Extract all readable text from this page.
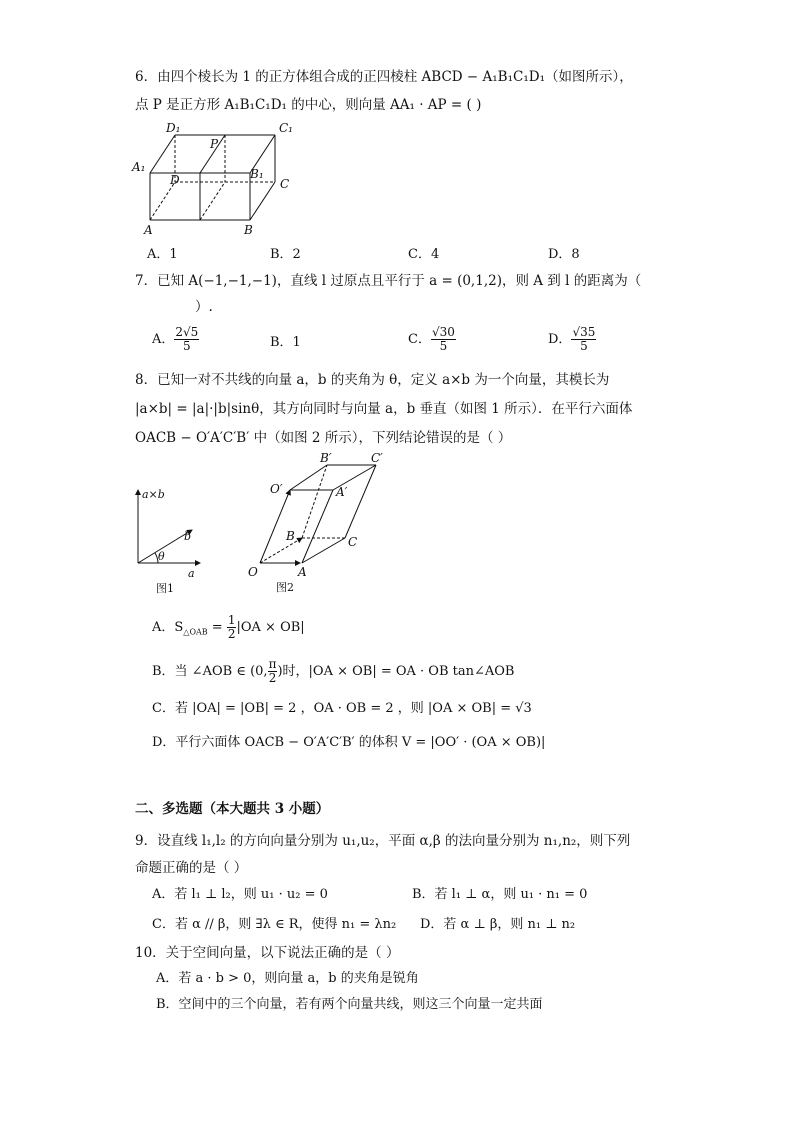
6．由四个棱长为 1 的正方体组合成的正四棱柱 ABCD − A₁B₁C₁D₁（如图所示），
点 P 是正方形 A₁B₁C₁D₁ 的中心，则向量 AA₁ · AP = ( )
D₁	C₁
P
A₁
D	B₁
C
A	B
A．1	B．2	C．4	D．8
7．已知 A(−1,−1,−1)，直线 l 过原点且平行于 a = (0,1,2)，则 A 到 l 的距离为（
）.
A． $\frac{2√5}{5}$	B．1	C． $\frac{√30}{5}$	D． $\frac{√35}{5}$
8．已知一对不共线的向量 a，b 的夹角为 θ，定义 a×b 为一个向量，其模长为
|a×b| = |a|·|b|sinθ，其方向同时与向量 a，b 垂直（如图 1 所示）．在平行六面体
OACB − O′A′C′B′ 中（如图 2 所示），下列结论错误的是（ ）
a×b
b
θ
a
图1
B′	C′
O′	A′
B	C
O	A
图2
A．$S_{\triangle OAB} = \frac{1}{2} |OA \times OB|$
B．当 ∠AOB ∈ (0, $\frac{\pi}{2}$ )时，|OA × OB| = OA · OB tan∠AOB
C．若 |OA| = |OB| = 2 ，OA · OB = 2 ，则 |OA × OB| = √3
D．平行六面体 OACB − O′A′C′B′ 的体积 V = |OO′ · (OA × OB)|
二、多选题（本大题共 3 小题）
9．设直线 l₁,l₂ 的方向向量分别为 u₁,u₂，平面 α,β 的法向量分别为 n₁,n₂，则下列
命题正确的是（ ）
A．若 l₁ ⊥ l₂，则 u₁ · u₂ = 0	B．若 l₁ ⊥ α，则 u₁ · n₁ = 0
C．若 α // β，则 ∃λ ∈ R，使得 n₁ = λn₂ D．若 α ⊥ β，则 n₁ ⊥ n₂
10．关于空间向量，以下说法正确的是（ ）
A．若 a · b > 0，则向量 a，b 的夹角是锐角
B．空间中的三个向量，若有两个向量共线，则这三个向量一定共面
